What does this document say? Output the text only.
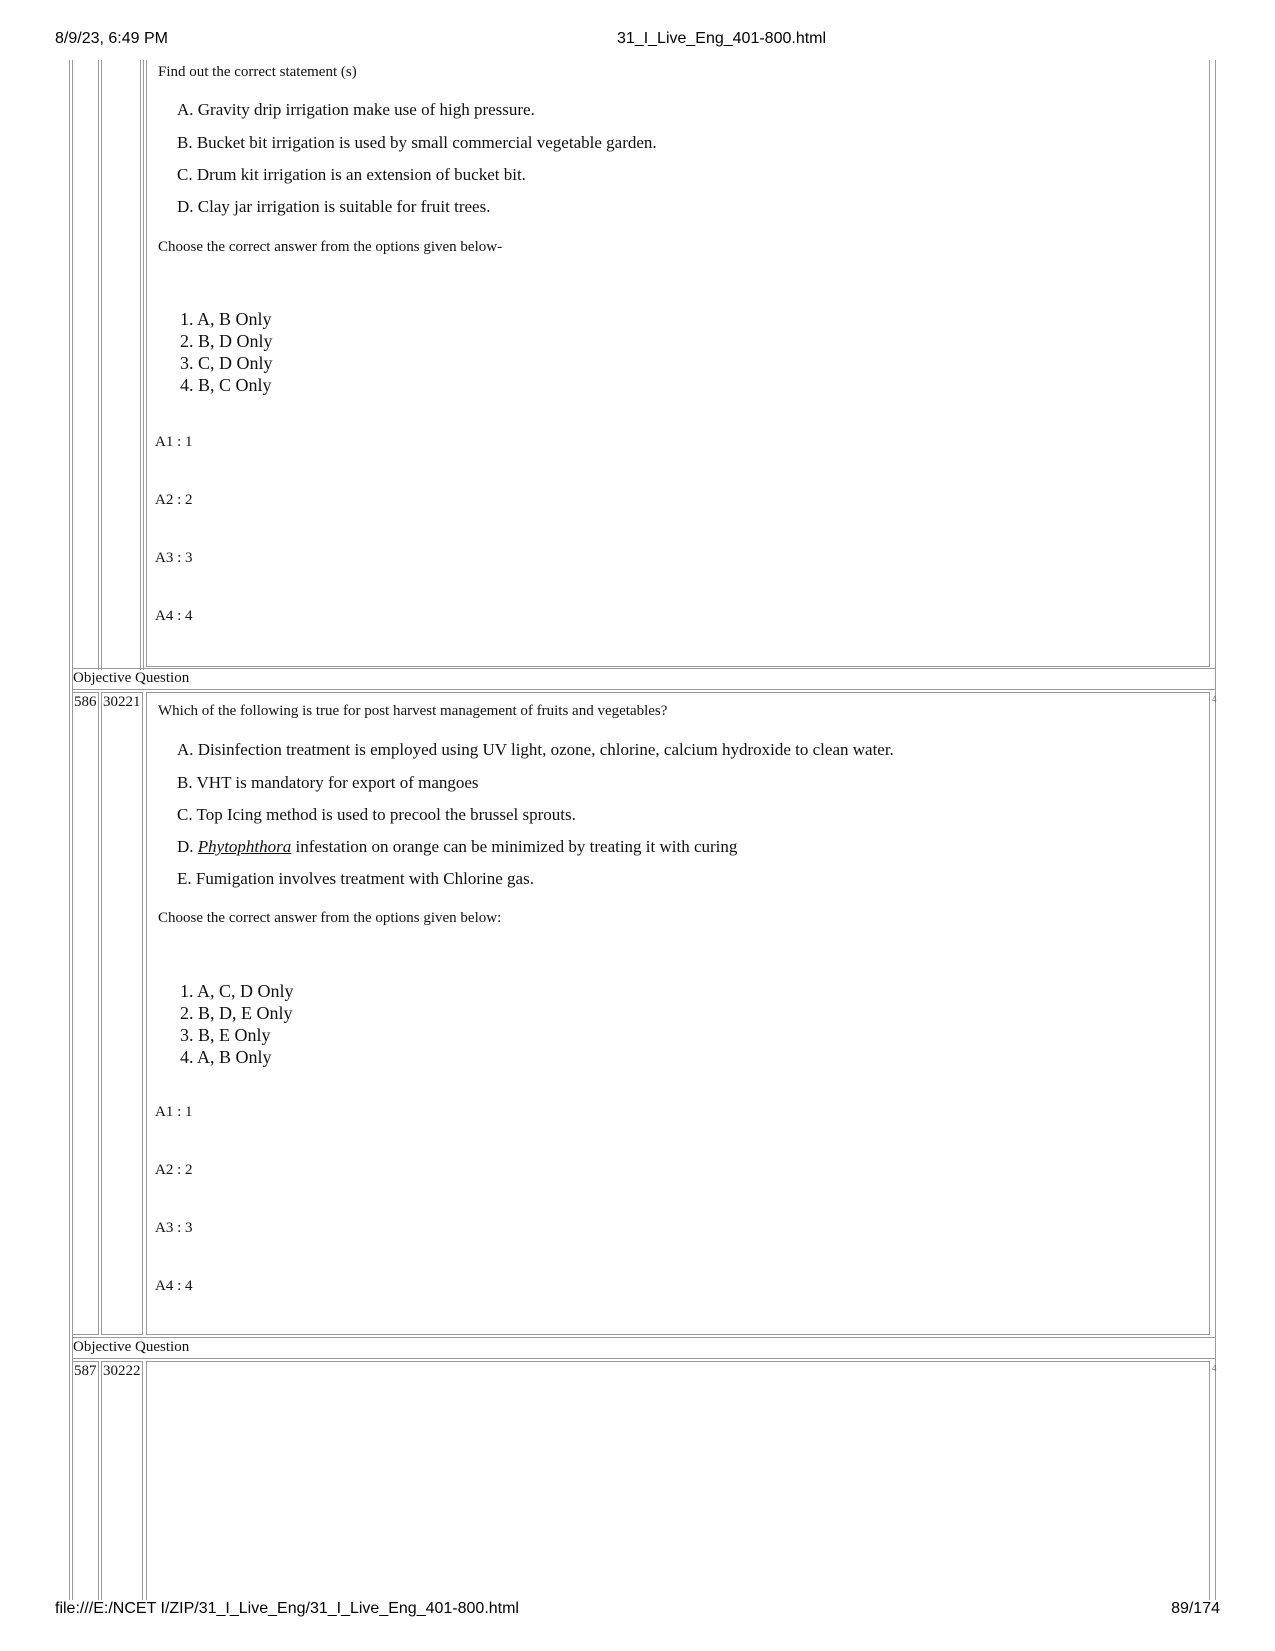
8/9/23, 6:49 PM	31_I_Live_Eng_401-800.html
Find out the correct statement (s)
A. Gravity drip irrigation make use of high pressure.
B. Bucket bit irrigation is used by small commercial vegetable garden.
C. Drum kit irrigation is an extension of bucket bit.
D. Clay jar irrigation is suitable for fruit trees.
Choose the correct answer from the options given below-
1. A, B Only
2. B, D Only
3. C, D Only
4. B, C Only
A1 : 1
A2 : 2
A3 : 3
A4 : 4
Objective Question
586 30221	4
Which of the following is true for post harvest management of fruits and vegetables?
A. Disinfection treatment is employed using UV light, ozone, chlorine, calcium hydroxide to clean water.
B. VHT is mandatory for export of mangoes
C. Top Icing method is used to precool the brussel sprouts.
D. Phytophthora infestation on orange can be minimized by treating it with curing
E. Fumigation involves treatment with Chlorine gas.
Choose the correct answer from the options given below:
1. A, C, D Only
2. B, D, E Only
3. B, E Only
4. A, B Only
A1 : 1
A2 : 2
A3 : 3
A4 : 4
Objective Question
587 30222	4
file:///E:/NCET I/ZIP/31_I_Live_Eng/31_I_Live_Eng_401-800.html	89/174
